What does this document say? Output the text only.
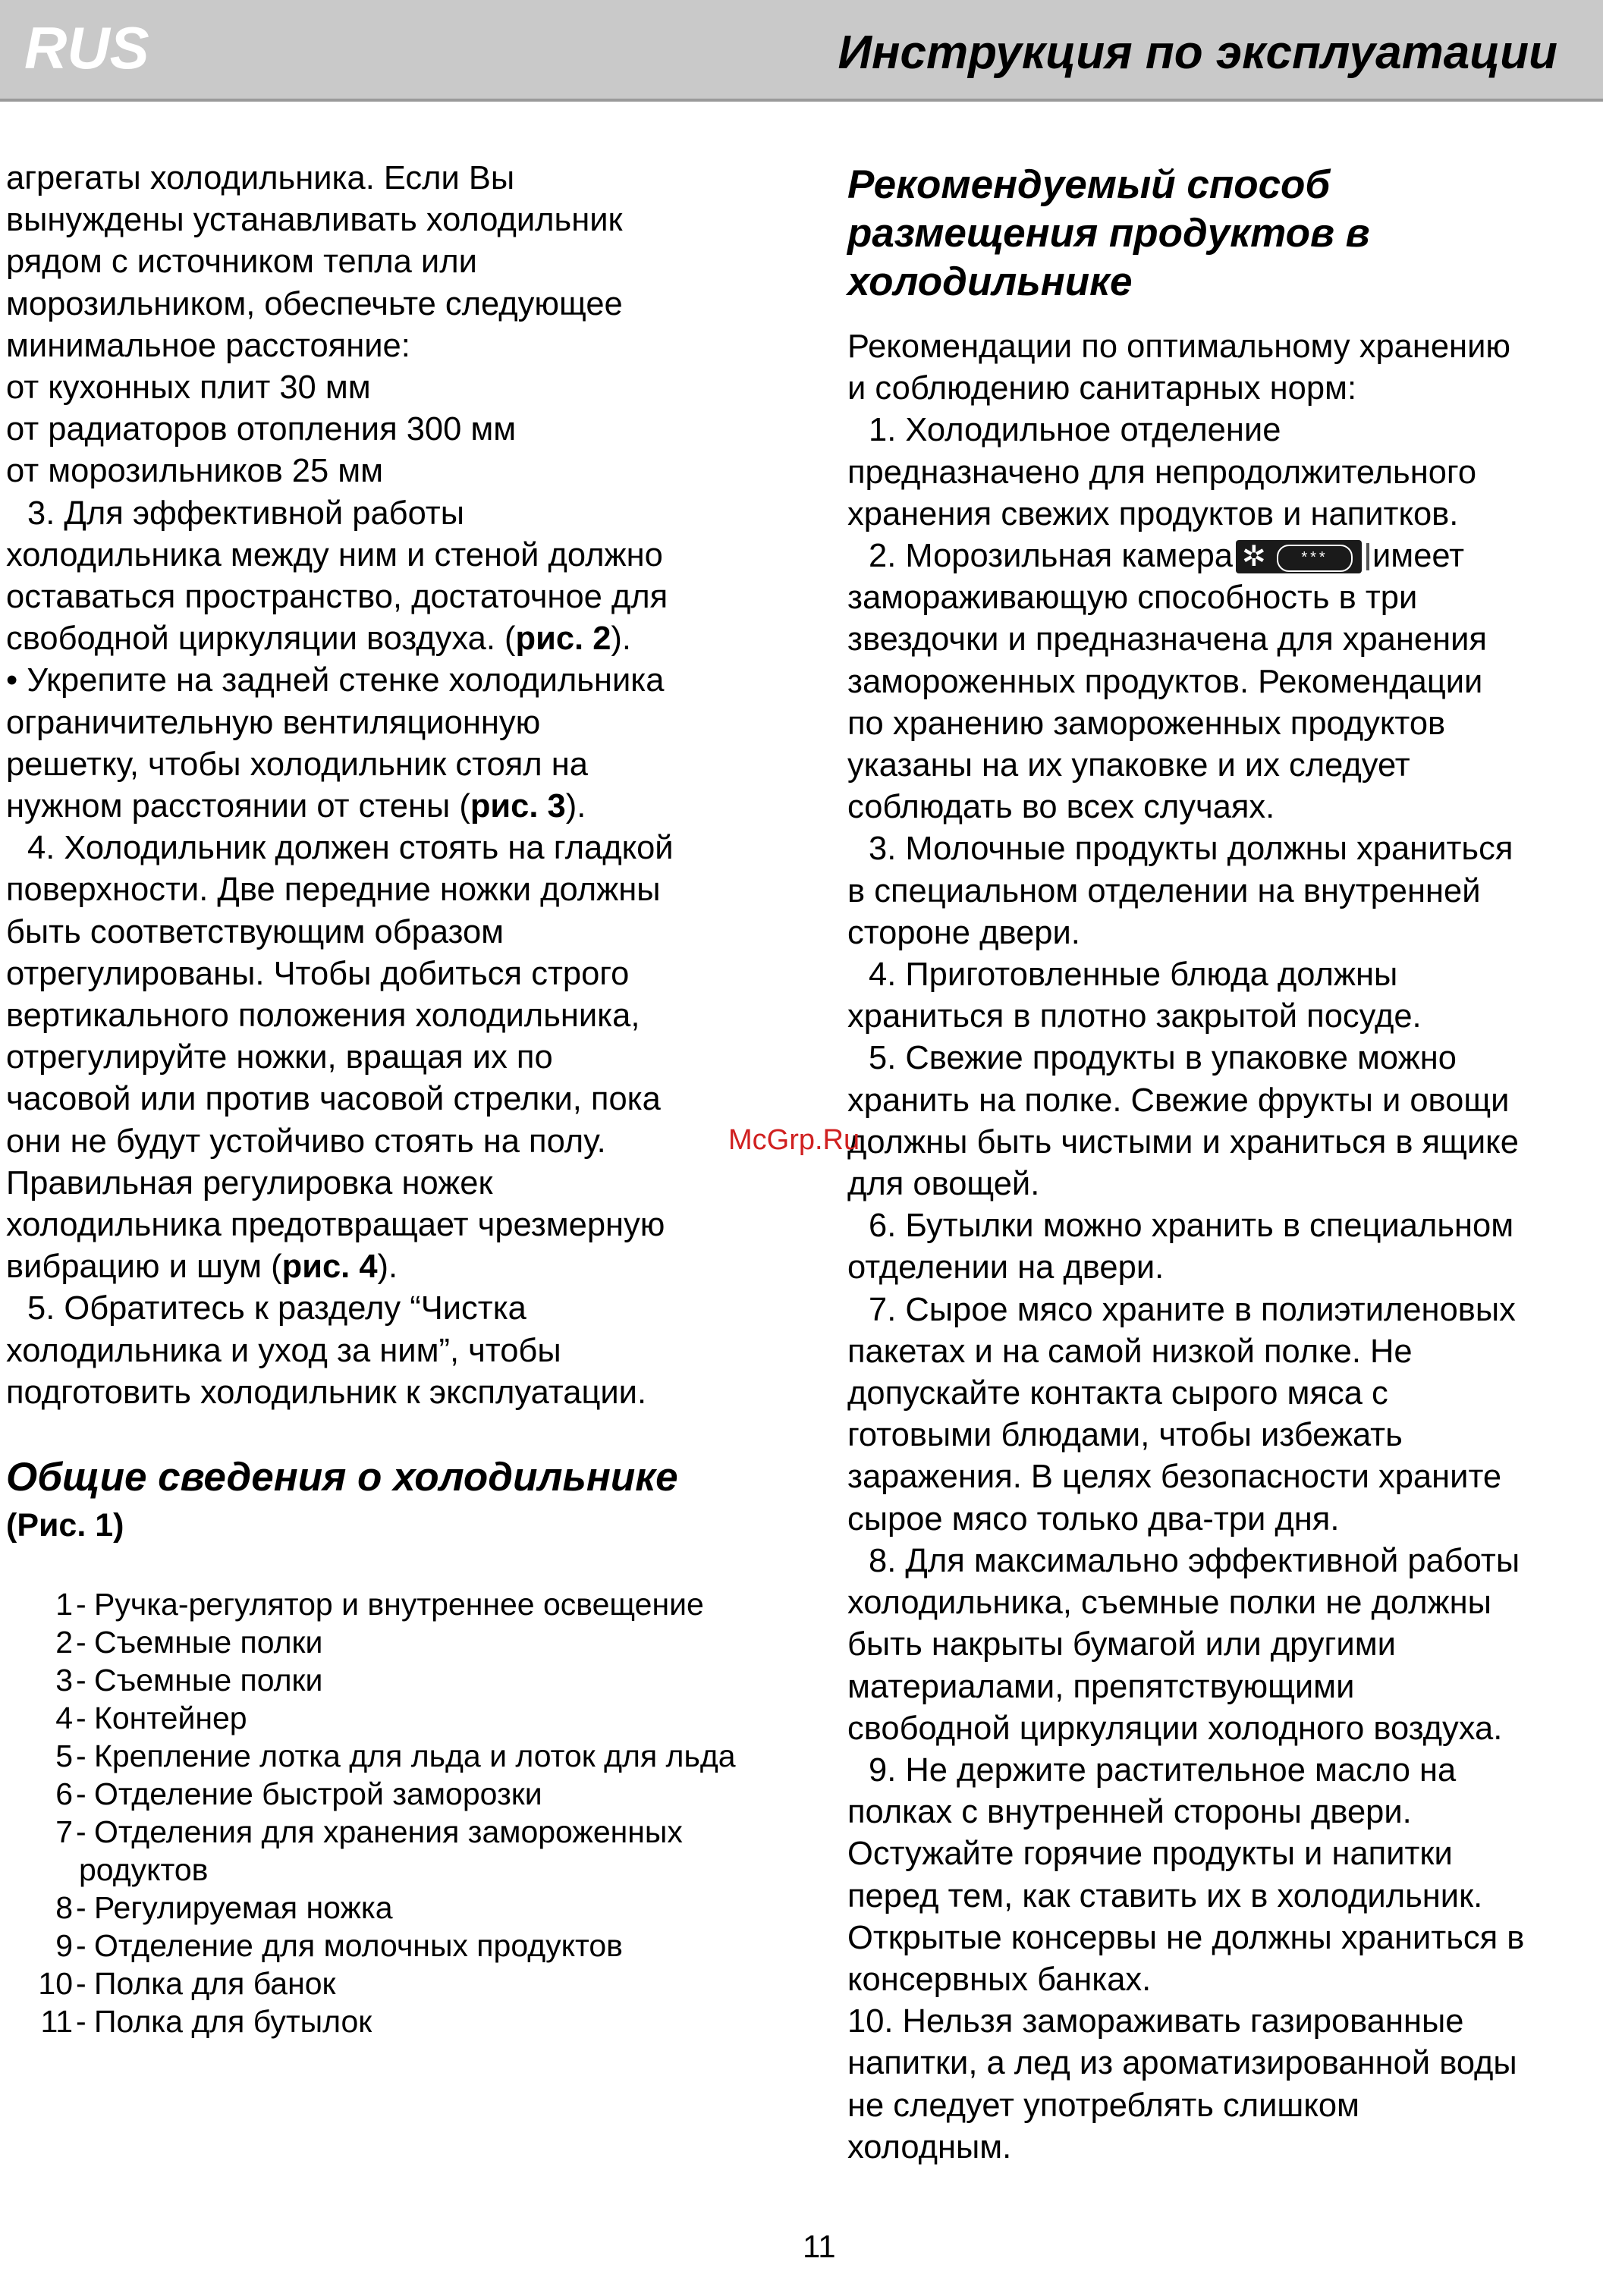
RUS	Инструкция по эксплуатации

агрегаты холодильника. Если Вы

вынуждены устанавливать холодильник

рядом с источником тепла или

морозильником, обеспечьте следующее

минимальное расстояние:

от кухонных плит 30 мм

от радиаторов отопления 300 мм

от морозильников 25 мм

3. Для эффективной работы

холодильника между ним и стеной должно

оставаться пространство, достаточное для

свободной циркуляции воздуха. (рис. 2).

• Укрепите на задней стенке холодильника

ограничительную вентиляционную

решетку, чтобы холодильник стоял на

нужном расстоянии от стены (рис. 3).

4. Холодильник должен стоять на гладкой

поверхности. Две передние ножки должны

быть соответствующим образом

отрегулированы. Чтобы добиться строго

вертикального положения холодильника,

отрегулируйте ножки, вращая их по

часовой или против часовой стрелки, пока

они не будут устойчиво стоять на полу.

Правильная регулировка ножек

холодильника предотвращает чрезмерную

вибрацию и шум (рис. 4).

5. Обратитесь к разделу “Чистка

холодильника и уход за ним”, чтобы

подготовить холодильник к эксплуатации.

Общие сведения о холодильнике

(Рис. 1)

1- Ручка-регулятор и внутреннее освещение
2- Съемные полки
3- Съемные полки
4- Контейнер
5- Крепление лотка для льда и лоток для льда
6- Отделение быстрой заморозки
7- Отделения для хранения замороженных
родуктов
8- Регулируемая ножка
9- Отделение для молочных продуктов
10- Полка для банок
11- Полка для бутылок

Рекомендуемый способ

размещения продуктов в

холодильнике

Рекомендации по оптимальному хранению

и соблюдению санитарных норм:

1. Холодильное отделение

предназначено для непродолжительного

хранения свежих продуктов и напитков.

2. Морозильная камера ✲	***	имеет

замораживающую способность в три

звездочки и предназначена для хранения

замороженных продуктов. Рекомендации

по хранению замороженных продуктов

указаны на их упаковке и их следует

соблюдать во всех случаях.

3. Молочные продукты должны храниться

в специальном отделении на внутренней

стороне двери.

4. Приготовленные блюда должны

храниться в плотно закрытой посуде.

5. Свежие продукты в упаковке можно

хранить на полке. Свежие фрукты и овощи

должны быть чистыми и храниться в ящике

для овощей.

6. Бутылки можно хранить в специальном

отделении на двери.

7. Сырое мясо храните в полиэтиленовых

пакетах и на самой низкой полке. Не

допускайте контакта сырого мяса с

готовыми блюдами, чтобы избежать

заражения. В целях безопасности храните

сырое мясо только два-три дня.

8. Для максимально эффективной работы

холодильника, съемные полки не должны

быть накрыты бумагой или другими

материалами, препятствующими

свободной циркуляции холодного воздуха.

9. Не держите растительное масло на

полках с внутренней стороны двери.

Остужайте горячие продукты и напитки

перед тем, как ставить их в холодильник.

Открытые консервы не должны храниться в

консервных банках.

10. Нельзя замораживать газированные

напитки, а лед из ароматизированной воды

не следует употреблять слишком

холодным.

McGrp.Ru
11
